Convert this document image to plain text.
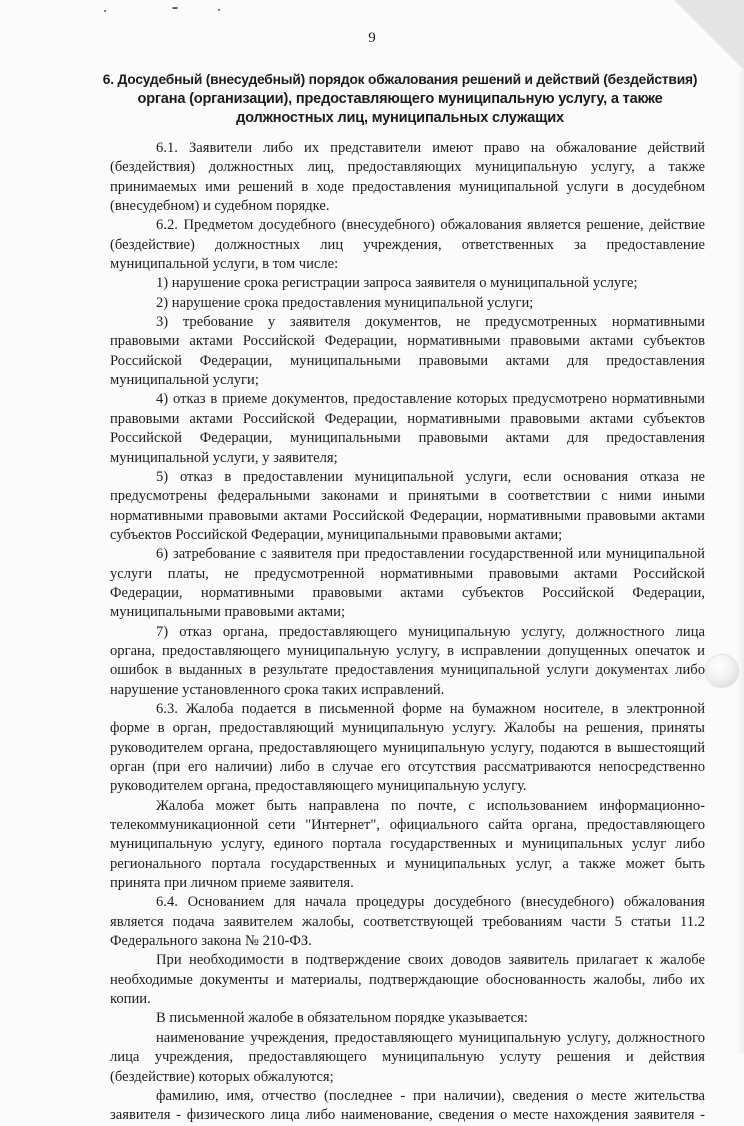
9
6. Досудебный (внесудебный) порядок обжалования решений и действий (бездействия)
органа (организации), предоставляющего муниципальную услугу, а также
должностных лиц, муниципальных служащих
6.1. Заявители либо их представители имеют право на обжалование действий
(бездействия) должностных лиц, предоставляющих муниципальную услугу, а также
принимаемых ими решений в ходе предоставления муниципальной услуги в досудебном
(внесудебном) и судебном порядке.
6.2. Предметом досудебного (внесудебного) обжалования является решение, действие
(бездействие) должностных лиц учреждения, ответственных за предоставление
муниципальной услуги, в том числе:
1) нарушение срока регистрации запроса заявителя о муниципальной услуге;
2) нарушение срока предоставления муниципальной услуги;
3) требование у заявителя документов, не предусмотренных нормативными
правовыми актами Российской Федерации, нормативными правовыми актами субъектов
Российской Федерации, муниципальными правовыми актами для предоставления
муниципальной услуги;
4) отказ в приеме документов, предоставление которых предусмотрено нормативными
правовыми актами Российской Федерации, нормативными правовыми актами субъектов
Российской Федерации, муниципальными правовыми актами для предоставления
муниципальной услуги, у заявителя;
5) отказ в предоставлении муниципальной услуги, если основания отказа не
предусмотрены федеральными законами и принятыми в соответствии с ними иными
нормативными правовыми актами Российской Федерации, нормативными правовыми актами
субъектов Российской Федерации, муниципальными правовыми актами;
6) затребование с заявителя при предоставлении государственной или муниципальной
услуги платы, не предусмотренной нормативными правовыми актами Российской
Федерации, нормативными правовыми актами субъектов Российской Федерации,
муниципальными правовыми актами;
7) отказ органа, предоставляющего муниципальную услугу, должностного лица
органа, предоставляющего муниципальную услугу, в исправлении допущенных опечаток и
ошибок в выданных в результате предоставления муниципальной услуги документах либо
нарушение установленного срока таких исправлений.
6.3. Жалоба подается в письменной форме на бумажном носителе, в электронной
форме в орган, предоставляющий муниципальную услугу. Жалобы на решения, приняты
руководителем органа, предоставляющего муниципальную услугу, подаются в вышестоящий
орган (при его наличии) либо в случае его отсутствия рассматриваются непосредственно
руководителем органа, предоставляющего муниципальную услугу.
Жалоба может быть направлена по почте, с использованием информационно-
телекоммуникационной сети "Интернет", официального сайта органа, предоставляющего
муниципальную услугу, единого портала государственных и муниципальных услуг либо
регионального портала государственных и муниципальных услуг, а также может быть
принята при личном приеме заявителя.
6.4. Основанием для начала процедуры досудебного (внесудебного) обжалования
является подача заявителем жалобы, соответствующей требованиям части 5 статьи 11.2
Федерального закона № 210-ФЗ.
При необходимости в подтверждение своих доводов заявитель прилагает к жалобе
необходимые документы и материалы, подтверждающие обоснованность жалобы, либо их
копии.
В письменной жалобе в обязательном порядке указывается:
наименование учреждения, предоставляющего муниципальную услугу, должностного
лица учреждения, предоставляющего муниципальную услуту решения и действия
(бездействие) которых обжалуются;
фамилию, имя, отчество (последнее - при наличии), сведения о месте жительства
заявителя - физического лица либо наименование, сведения о месте нахождения заявителя -
